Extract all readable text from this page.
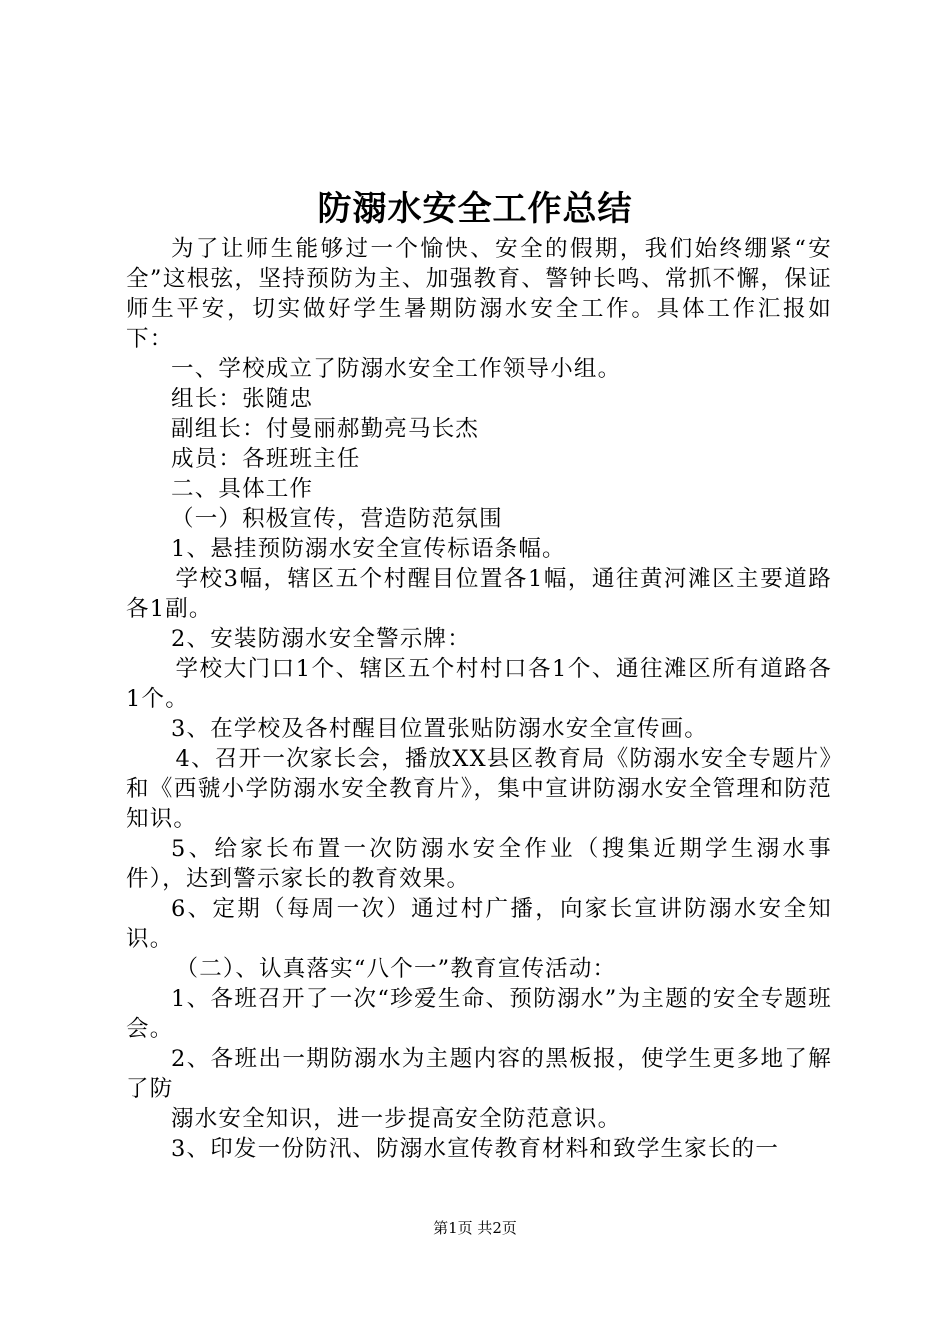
防溺水安全工作总结

为了让师生能够过一个愉快、安全的假期，我们始终绷紧“安全”这根弦，坚持预防为主、加强教育、警钟长鸣、常抓不懈，保证师生平安，切实做好学生暑期防溺水安全工作。具体工作汇报如下：

一、学校成立了防溺水安全工作领导小组。

组长：张随忠

副组长：付曼丽郝勤亮马长杰

成员：各班班主任

二、具体工作

（一）积极宣传，营造防范氛围

1、悬挂预防溺水安全宣传标语条幅。

学校3幅，辖区五个村醒目位置各1幅，通往黄河滩区主要道路各1副。

2、安装防溺水安全警示牌：

学校大门口1个、辖区五个村村口各1个、通往滩区所有道路各1个。

3、在学校及各村醒目位置张贴防溺水安全宣传画。

4、召开一次家长会，播放XX县区教育局《防溺水安全专题片》和《西虢小学防溺水安全教育片》，集中宣讲防溺水安全管理和防范知识。

5、给家长布置一次防溺水安全作业（搜集近期学生溺水事件），达到警示家长的教育效果。

6、定期（每周一次）通过村广播，向家长宣讲防溺水安全知识。

（二）、认真落实“八个一”教育宣传活动：

1、各班召开了一次“珍爱生命、预防溺水”为主题的安全专题班会。

2、各班出一期防溺水为主题内容的黑板报，使学生更多地了解了防

溺水安全知识，进一步提高安全防范意识。

3、印发一份防汛、防溺水宣传教育材料和致学生家长的一

第1页 共2页
